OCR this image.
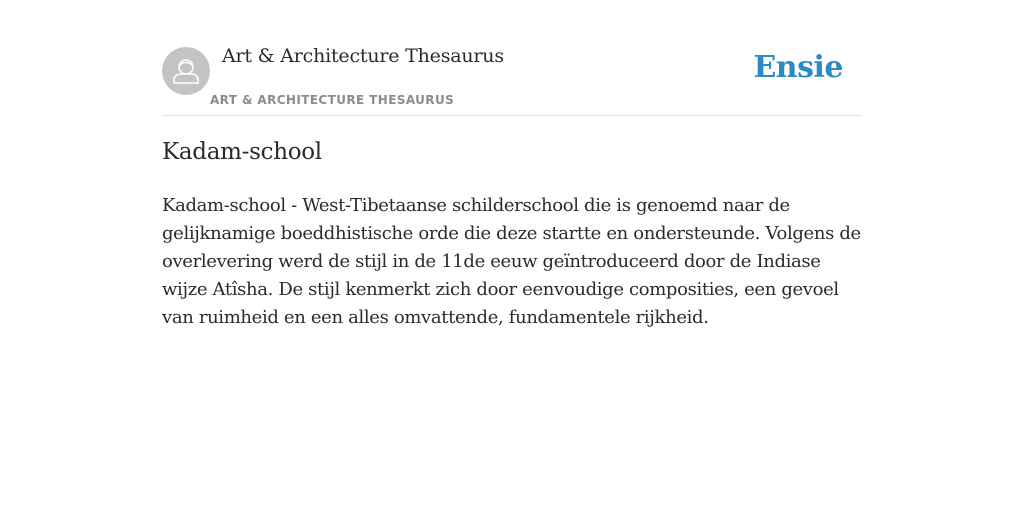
Art & Architecture Thesaurus
ART & ARCHITECTURE THESAURUS
Ensie
Kadam-school

Kadam-school - West-Tibetaanse schilderschool die is genoemd naar de gelijknamige boeddhistische orde die deze startte en ondersteunde. Volgens de overlevering werd de stijl in de 11de eeuw geïntroduceerd door de Indiase wijze Atîsha. De stijl kenmerkt zich door eenvoudige composities, een gevoel van ruimheid en een alles omvattende, fundamentele rijkheid.
